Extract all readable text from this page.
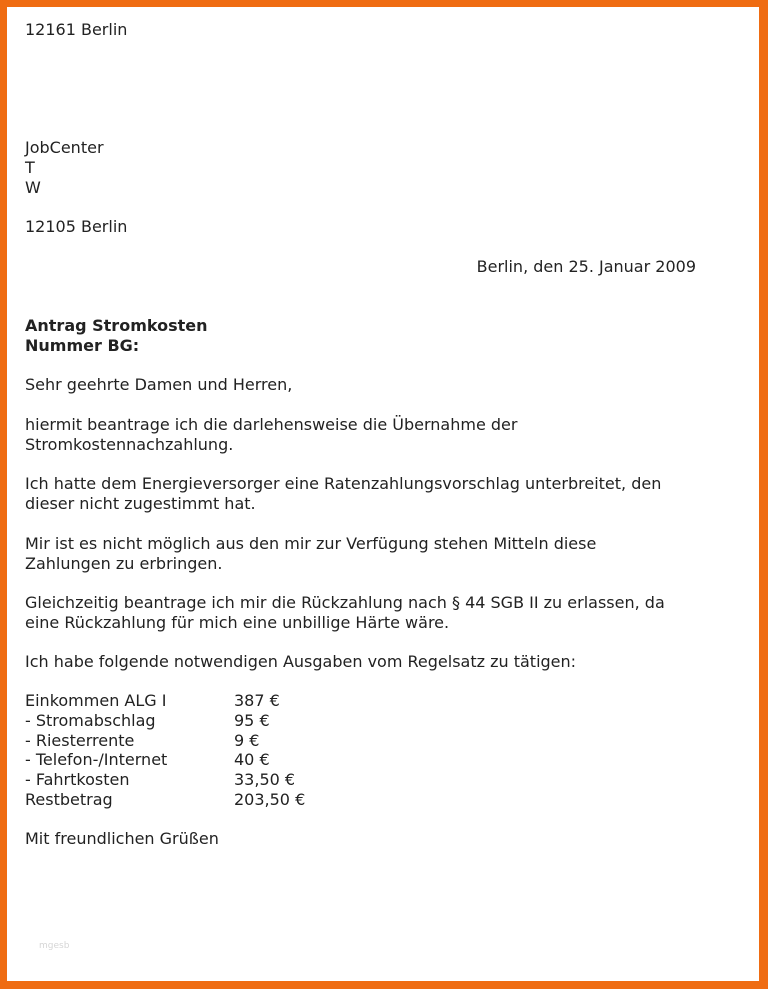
12161 Berlin
JobCenter
T
W
12105 Berlin
Berlin, den 25. Januar 2009
Antrag Stromkosten
Nummer BG:
Sehr geehrte Damen und Herren,
hiermit beantrage ich die darlehensweise die Übernahme der
Stromkostennachzahlung.
Ich hatte dem Energieversorger eine Ratenzahlungsvorschlag unterbreitet, den
dieser nicht zugestimmt hat.
Mir ist es nicht möglich aus den mir zur Verfügung stehen Mitteln diese
Zahlungen zu erbringen.
Gleichzeitig beantrage ich mir die Rückzahlung nach § 44 SGB II zu erlassen, da
eine Rückzahlung für mich eine unbillige Härte wäre.
Ich habe folgende notwendigen Ausgaben vom Regelsatz zu tätigen:
Einkommen ALG I	387 €
- Stromabschlag	95 €
- Riesterrente	9 €
- Telefon-/Internet	40 €
- Fahrtkosten	33,50 €
Restbetrag	203,50 €
Mit freundlichen Grüßen
mgesb
